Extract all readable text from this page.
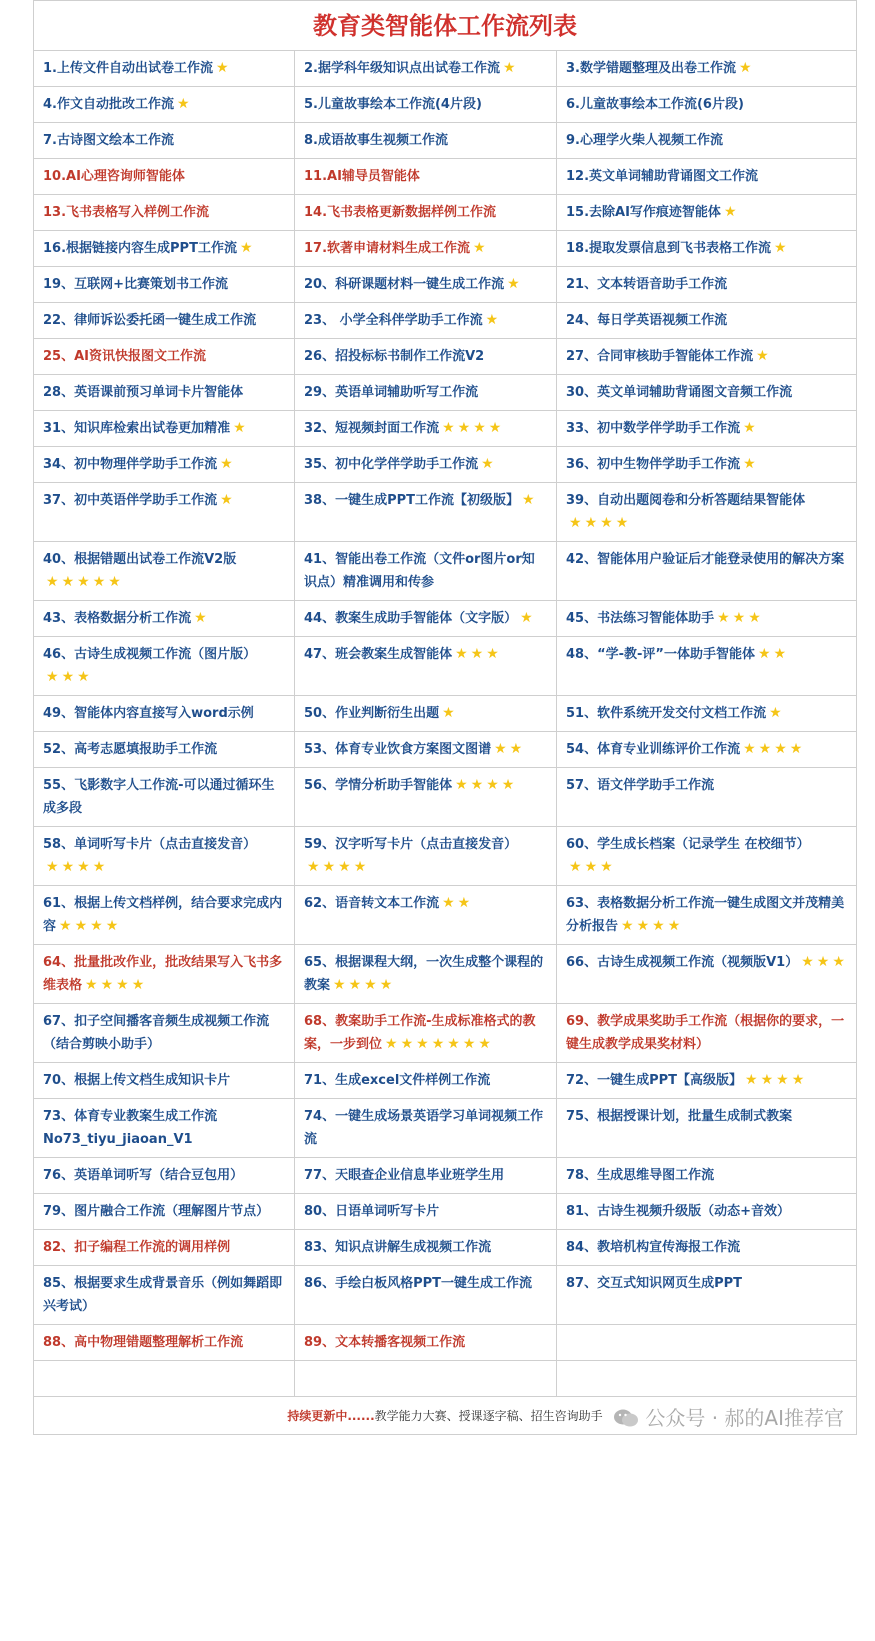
教育类智能体工作流列表		
1.上传文件自动出试卷工作流 ★	2.据学科年级知识点出试卷工作流 ★	3.数学错题整理及出卷工作流 ★
4.作文自动批改工作流 ★	5.儿童故事绘本工作流(4片段)	6.儿童故事绘本工作流(6片段)
7.古诗图文绘本工作流	8.成语故事生视频工作流	9.心理学火柴人视频工作流
10.AI心理咨询师智能体	11.AI辅导员智能体	12.英文单词辅助背诵图文工作流
13.飞书表格写入样例工作流	14.飞书表格更新数据样例工作流	15.去除AI写作痕迹智能体 ★
16.根据链接内容生成PPT工作流 ★	17.软著申请材料生成工作流 ★	18.提取发票信息到飞书表格工作流 ★
19、互联网+比赛策划书工作流	20、科研课题材料一键生成工作流 ★	21、文本转语音助手工作流
22、律师诉讼委托函一键生成工作流	23、 小学全科伴学助手工作流 ★	24、每日学英语视频工作流
25、AI资讯快报图文工作流	26、招投标标书制作工作流V2	27、合同审核助手智能体工作流 ★
28、英语课前预习单词卡片智能体	29、英语单词辅助听写工作流	30、英文单词辅助背诵图文音频工作流
31、知识库检索出试卷更加精准 ★	32、短视频封面工作流 ★ ★ ★ ★	33、初中数学伴学助手工作流 ★
34、初中物理伴学助手工作流 ★	35、初中化学伴学助手工作流 ★	36、初中生物伴学助手工作流 ★
37、初中英语伴学助手工作流 ★	38、一键生成PPT工作流【初级版】 ★	39、自动出题阅卷和分析答题结果智能体★ ★ ★ ★
40、根据错题出试卷工作流V2版★ ★ ★ ★ ★	41、智能出卷工作流（文件or图片or知识点）精准调用和传参	42、智能体用户验证后才能登录使用的解决方案
43、表格数据分析工作流 ★	44、教案生成助手智能体（文字版） ★	45、书法练习智能体助手 ★ ★ ★
46、古诗生成视频工作流（图片版）★ ★ ★	47、班会教案生成智能体 ★ ★ ★	48、“学-教-评”一体助手智能体 ★ ★
49、智能体内容直接写入word示例	50、作业判断衍生出题 ★	51、软件系统开发交付文档工作流 ★
52、高考志愿填报助手工作流	53、体育专业饮食方案图文图谱 ★ ★	54、体育专业训练评价工作流 ★ ★ ★ ★
55、飞影数字人工作流-可以通过循环生成多段	56、学情分析助手智能体 ★ ★ ★ ★	57、语文伴学助手工作流
58、单词听写卡片（点击直接发音）★ ★ ★ ★	59、汉字听写卡片（点击直接发音）★ ★ ★ ★	60、学生成长档案（记录学生 在校细节）★ ★ ★
61、根据上传文档样例，结合要求完成内容 ★ ★ ★ ★	62、语音转文本工作流 ★ ★	63、表格数据分析工作流一键生成图文并茂精美分析报告 ★ ★ ★ ★
64、批量批改作业，批改结果写入飞书多维表格 ★ ★ ★ ★	65、根据课程大纲，一次生成整个课程的教案 ★ ★ ★ ★	66、古诗生成视频工作流（视频版V1） ★ ★ ★
67、扣子空间播客音频生成视频工作流（结合剪映小助手）	68、教案助手工作流-生成标准格式的教案，一步到位 ★ ★ ★ ★ ★ ★ ★	69、教学成果奖助手工作流（根据你的要求，一键生成教学成果奖材料）
70、根据上传文档生成知识卡片	71、生成excel文件样例工作流	72、一键生成PPT【高级版】 ★ ★ ★ ★
73、体育专业教案生成工作流 No73_tiyu_jiaoan_V1	74、一键生成场景英语学习单词视频工作流	75、根据授课计划，批量生成制式教案
76、英语单词听写（结合豆包用）	77、天眼查企业信息毕业班学生用	78、生成思维导图工作流
79、图片融合工作流（理解图片节点）	80、日语单词听写卡片	81、古诗生视频升级版（动态+音效）
82、扣子编程工作流的调用样例	83、知识点讲解生成视频工作流	84、教培机构宣传海报工作流
85、根据要求生成背景音乐（例如舞蹈即兴考试）	86、手绘白板风格PPT一键生成工作流	87、交互式知识网页生成PPT
88、高中物理错题整理解析工作流	89、文本转播客视频工作流	

持续更新中......教学能力大赛、授课逐字稿、招生咨询助手 公众号 · 郝的AI推荐官		
